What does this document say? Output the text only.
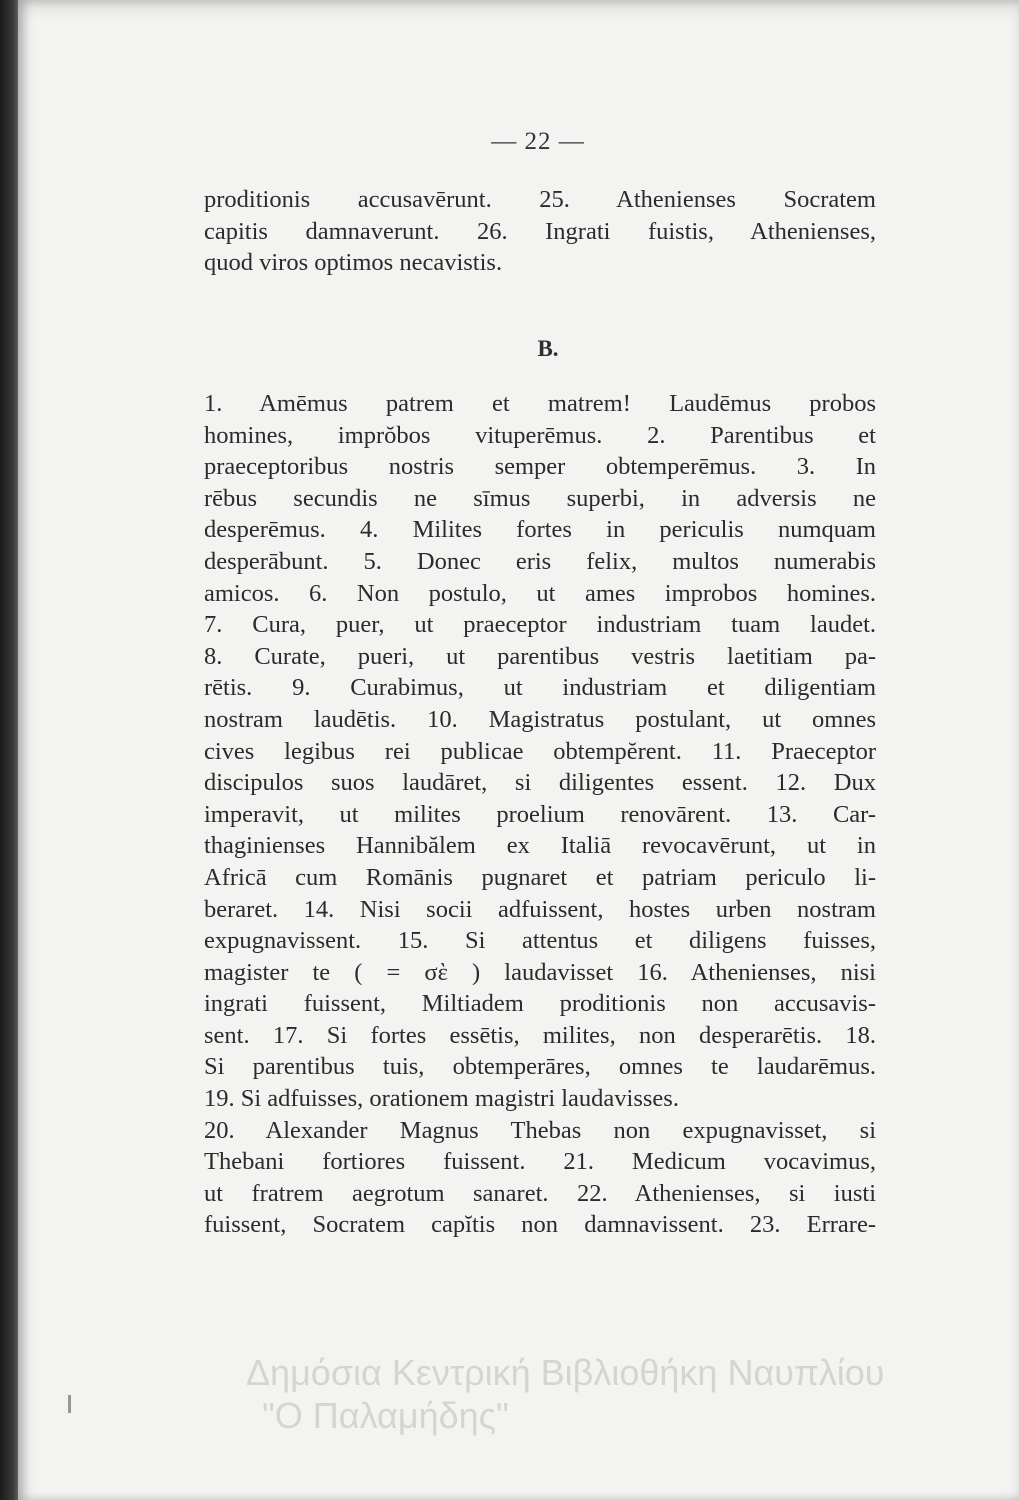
— 22 —
proditionis accusavērunt. 25. Athenienses Socratem
capitis damnaverunt. 26. Ingrati fuistis, Athenienses,
quod viros optimos necavistis.
B.
1. Amēmus patrem et matrem! Laudēmus probos
homines, imprŏbos vituperēmus. 2. Parentibus et
praeceptoribus nostris semper obtemperēmus. 3. In
rēbus secundis ne sīmus superbi, in adversis ne
desperēmus. 4. Milites fortes in periculis numquam
desperābunt. 5. Donec eris felix, multos numerabis
amicos. 6. Non postulo, ut ames improbos homines.
7. Cura, puer, ut praeceptor industriam tuam laudet.
8. Curate, pueri, ut parentibus vestris laetitiam pa-
rētis. 9. Curabimus, ut industriam et diligentiam
nostram laudētis. 10. Magistratus postulant, ut omnes
cives legibus rei publicae obtempĕrent. 11. Praeceptor
discipulos suos laudāret, si diligentes essent. 12. Dux
imperavit, ut milites proelium renovārent. 13. Car-
thaginienses Hannibălem ex Italiā revocavērunt, ut in
Africā cum Romānis pugnaret et patriam periculo li-
beraret. 14. Nisi socii adfuissent, hostes urben nostram
expugnavissent. 15. Si attentus et diligens fuisses,
magister te ( = σὲ ) laudavisset 16. Athenienses, nisi
ingrati fuissent, Miltiadem proditionis non accusavis-
sent. 17. Si fortes essētis, milites, non desperarētis. 18.
Si parentibus tuis, obtemperāres, omnes te laudarēmus.
19. Si adfuisses, orationem magistri laudavisses.
20. Alexander Magnus Thebas non expugnavisset, si
Thebani fortiores fuissent. 21. Medicum vocavimus,
ut fratrem aegrotum sanaret. 22. Athenienses, si iusti
fuissent, Socratem capĭtis non damnavissent. 23. Errare-
Δημόσια Κεντρική Βιβλιοθήκη Ναυπλίου
"Ο Παλαμήδης"
